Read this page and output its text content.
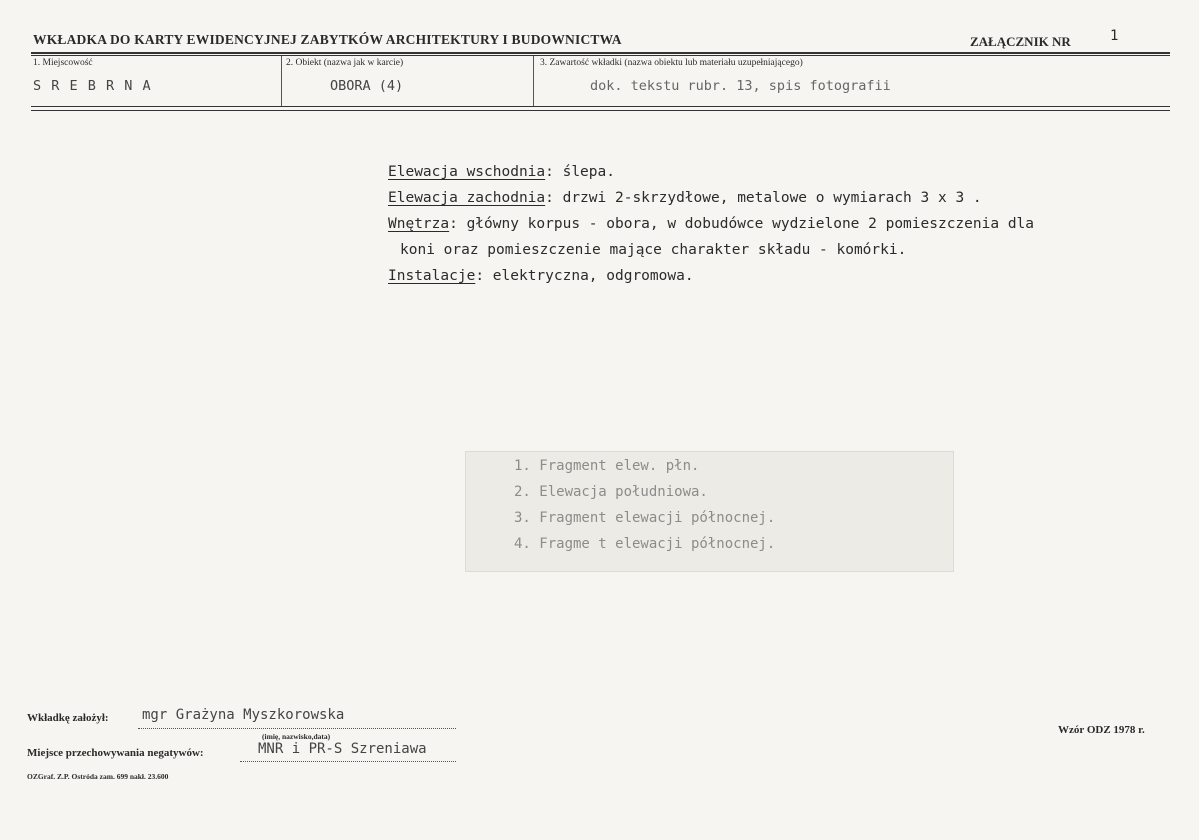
WKŁADKA DO KARTY EWIDENCYJNEJ ZABYTKÓW ARCHITEKTURY I BUDOWNICTWA	ZAŁĄCZNIK NR	1
1. Miejscowość
S R E B R N A
2. Obiekt (nazwa jak w karcie)
OBORA (4)
3. Zawartość wkładki (nazwa obiektu lub materiału uzupełniającego)
dok. tekstu rubr. 13, spis fotografii
Elewacja wschodnia: ślepa.
Elewacja zachodnia: drzwi 2-skrzydłowe, metalowe o wymiarach 3 x 3 .
Wnętrza: główny korpus - obora, w dobudówce wydzielone 2 pomieszczenia dla
koni oraz pomieszczenie mające charakter składu - komórki.
Instalacje: elektryczna, odgromowa.
1. Fragment elew. płn.
2. Elewacja południowa.
3. Fragment elewacji północnej.
4. Fragme t elewacji północnej.
Wkładkę założył: mgr Grażyna Myszkorowska
(imię, nazwisko,data)
Miejsce przechowywania negatywów:	MNR i PR-S Szreniawa
OZGraf. Z.P. Ostróda zam. 699 nakł. 23.600
Wzór ODZ 1978 r.
